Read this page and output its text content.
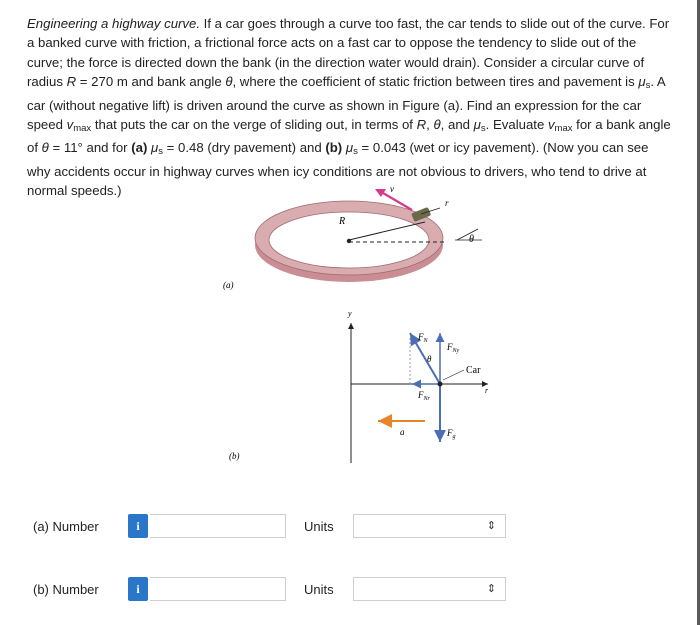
Engineering a highway curve. If a car goes through a curve too fast, the car tends to slide out of the curve. For a banked curve with friction, a frictional force acts on a fast car to oppose the tendency to slide out of the curve; the force is directed down the bank (in the direction water would drain). Consider a circular curve of radius R = 270 m and bank angle θ, where the coefficient of static friction between tires and pavement is $\mu_s$. A car (without negative lift) is driven around the curve as shown in Figure (a). Find an expression for the car speed $v_{max}$ that puts the car on the verge of sliding out, in terms of R, θ, and $\mu_s$. Evaluate $v_{max}$ for a bank angle of θ = 11° and for (a) $\mu_s = 0.48$ (dry pavement) and (b) $\mu_s = 0.043$ (wet or icy pavement). (Now you can see why accidents occur in highway curves when icy conditions are not obvious to drivers, who tend to drive at normal speeds.)
R
v
r
θ
(a)
y
r
$F_N$
$F_{Ny}$
θ
$F_{Nr}$
$F_g$
a
Car
(b)
(a) Number	i	Units	⇕
(b) Number	i	Units	⇕
